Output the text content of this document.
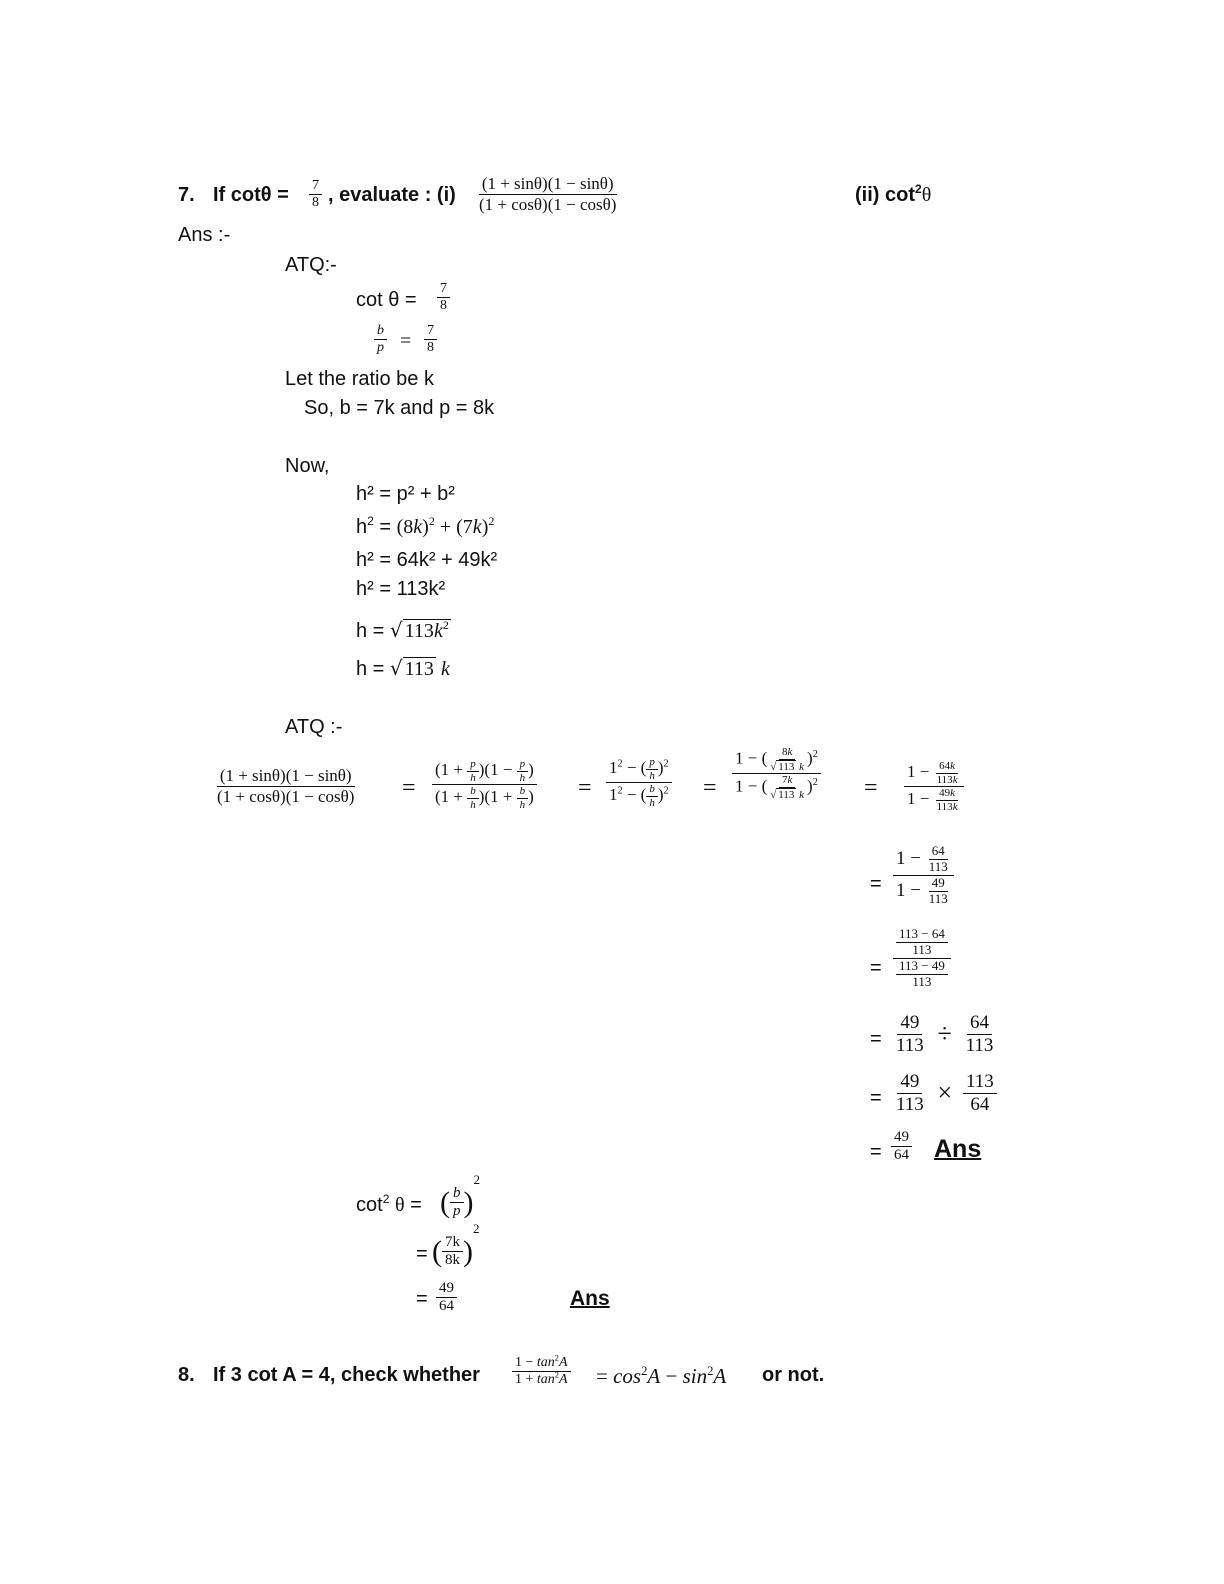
7. If $\cot\theta = \frac{7}{8}$ , evaluate : $(i) \frac{(1 + \sin\theta)(1 - \sin\theta)}{(1 + \cos\theta)(1 - \cos\theta)}$	(ii) $\cot^2\theta$
Ans :-
ATQ:-
$\cot \theta = \frac{7}{8}$
$\frac{b}{p} = \frac{7}{8}$
Let the ratio be k
So, b = 7k and p = 8k
Now,
h² = p² + b²
$h^2 = (8k)^2 + (7k)^2$
h² = 64k² + 49k²
h² = 113k²
h = √ $113k^2$
h = √ 113 k
ATQ :-
$\frac{(1 + \sin\theta)(1 - \sin\theta)}{(1 + \cos\theta)(1 - \cos\theta)} = \frac{(1 + \frac{p}{h} )(1 - \frac{p}{h} )}{(1 + \frac{b}{h} )(1 + \frac{b}{h} )} = \frac{1^2 - ( \frac{p}{h} )^2}{1^2 - ( \frac{b}{h} )^2} = \frac{1 - ( \frac{8k}{√ 113 k} )^2}{1 - ( \frac{7k}{√ 113 k} )^2} = \frac{1 - \frac{64k}{113k}}{1 - \frac{49k}{113k}}$
= $\frac{1 - \frac{64}{113}}{1 - \frac{49}{113}}$
= $\frac{\frac{113 - 64}{113}}{\frac{113 - 49}{113}}$
= $\frac{49}{113} \div \frac{64}{113}$
= $\frac{49}{113} \times \frac{113}{64}$
= $\frac{49}{64}$ Ans
$\cot^2 \theta$ = ( $\frac{b}{p} )^2$
= ( $\frac{7k}{8k} )^2$
= $\frac{49}{64}$	Ans
8. If 3 cot A = 4, check whether $\frac{1 - \tan^2A}{1 + \tan^2A} = \cos^2A - \sin^2A$ or not.
